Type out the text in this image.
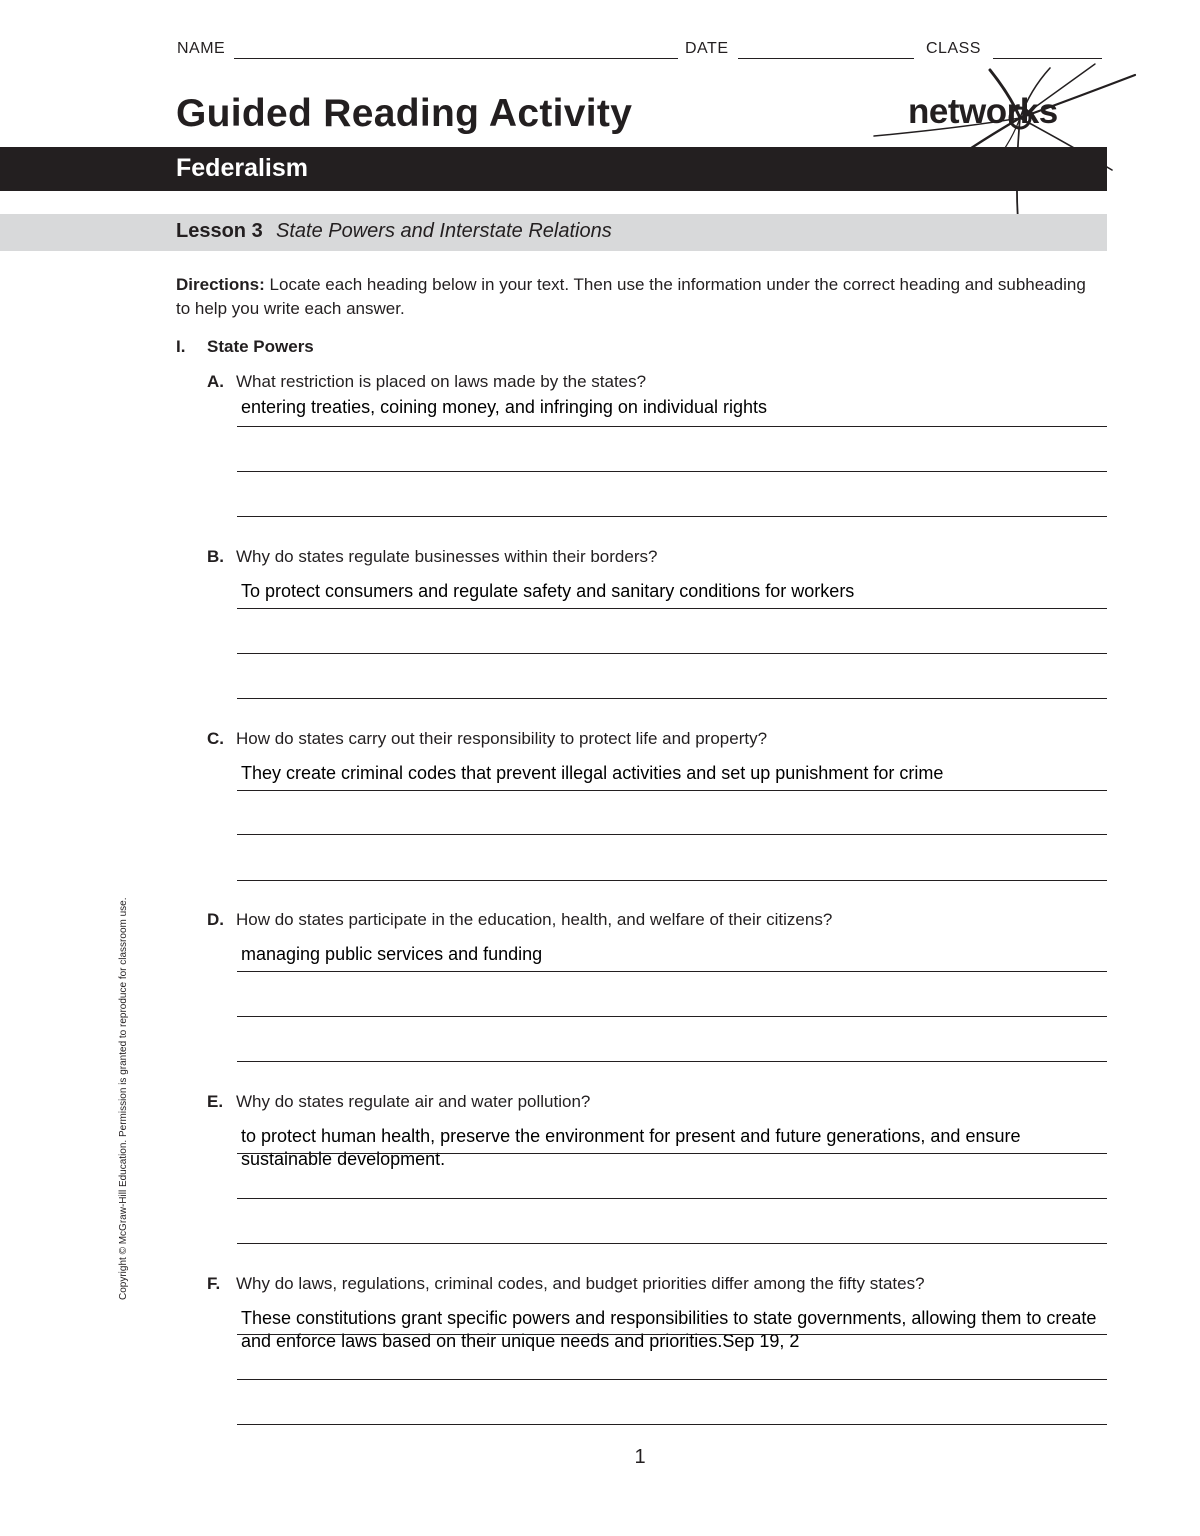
NAME	DATE	CLASS
Guided Reading Activity	networks
Federalism
Lesson 3 State Powers and Interstate Relations
Directions: Locate each heading below in your text. Then use the information under the correct heading and subheading to help you write each answer.
I. State Powers
A. What restriction is placed on laws made by the states?
entering treaties, coining money, and infringing on individual rights
B. Why do states regulate businesses within their borders?
To protect consumers and regulate safety and sanitary conditions for workers
C. How do states carry out their responsibility to protect life and property?
They create criminal codes that prevent illegal activities and set up punishment for crime
D. How do states participate in the education, health, and welfare of their citizens?
managing public services and funding
E. Why do states regulate air and water pollution?
to protect human health, preserve the environment for present and future generations, and ensure sustainable development.
F. Why do laws, regulations, criminal codes, and budget priorities differ among the fifty states?
These constitutions grant specific powers and responsibilities to state governments, allowing them to create and enforce laws based on their unique needs and priorities.Sep 19, 2
Copyright © McGraw-Hill Education. Permission is granted to reproduce for classroom use.
1
